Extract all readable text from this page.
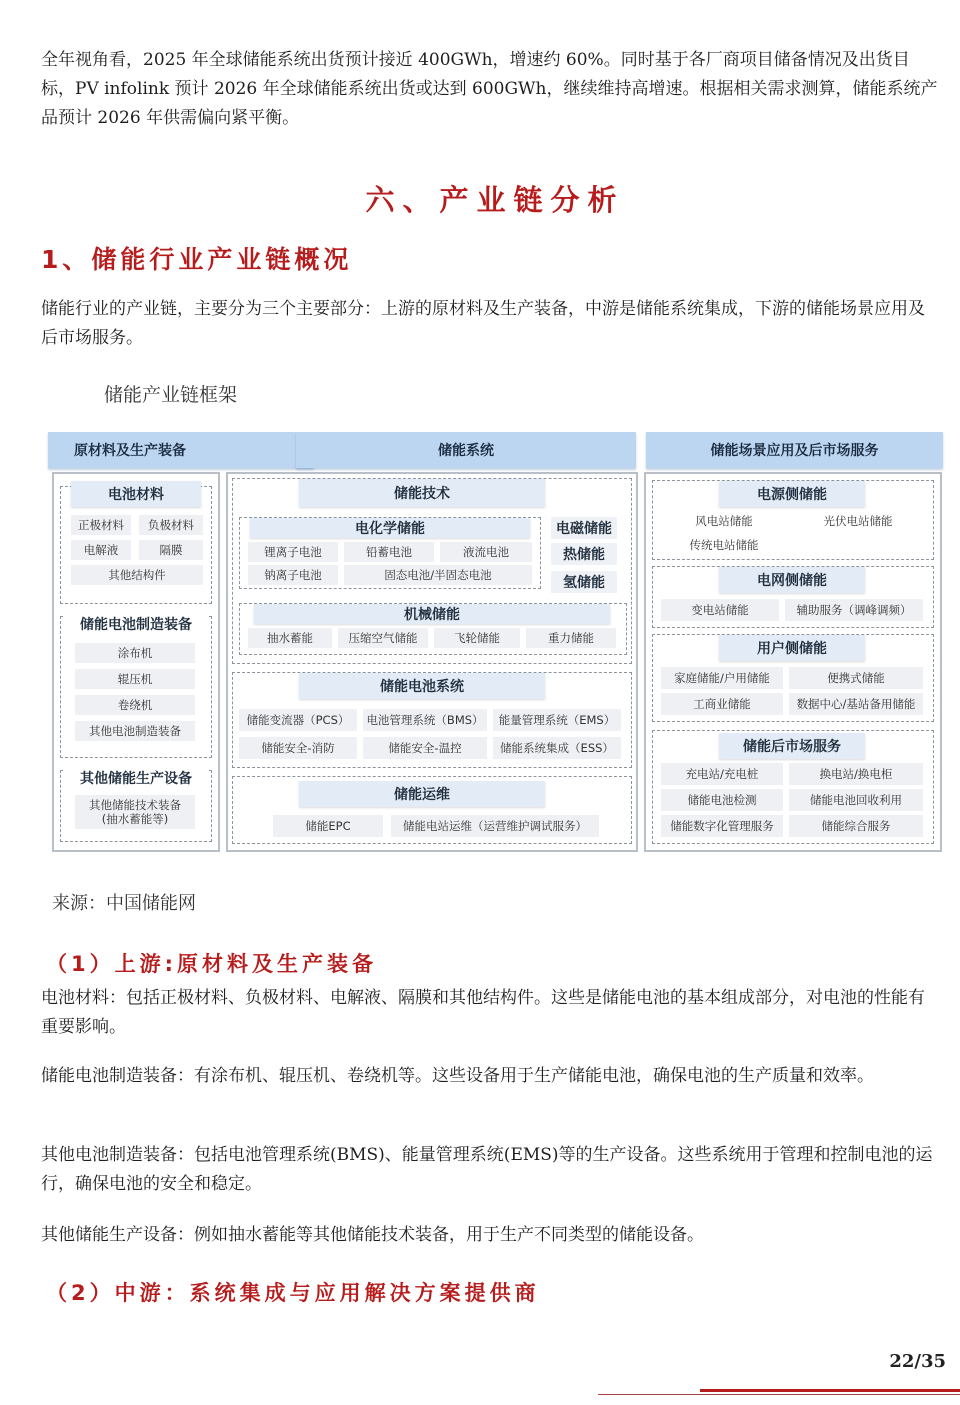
全年视角看，2025 年全球储能系统出货预计接近 400GWh，增速约 60%。同时基于各厂商项目储备情况及出货目标，PV infolink 预计 2026 年全球储能系统出货或达到 600GWh，继续维持高增速。根据相关需求测算，储能系统产品预计 2026 年供需偏向紧平衡。

六、产业链分析
1、储能行业产业链概况

储能行业的产业链，主要分为三个主要部分：上游的原材料及生产装备，中游是储能系统集成，下游的储能场景应用及后市场服务。

储能产业链框架

原材料及生产装备	储能系统	储能场景应用及后市场服务
电池材料
正极材料	负极材料
电解液	隔膜
其他结构件
储能电池制造装备
涂布机
辊压机
卷绕机
其他电池制造装备
其他储能生产设备
其他储能技术装备
(抽水蓄能等)
储能技术
电化学储能
锂离子电池	铅蓄电池	液流电池
钠离子电池	固态电池/半固态电池
电磁储能
热储能
氢储能
机械储能
抽水蓄能	压缩空气储能	飞轮储能	重力储能
储能电池系统
储能变流器（PCS）	电池管理系统（BMS）	能量管理系统（EMS）
储能安全-消防	储能安全-温控	储能系统集成（ESS）
储能运维
储能EPC	储能电站运维（运营维护调试服务）
电源侧储能
风电站储能	光伏电站储能
传统电站储能
电网侧储能
变电站储能	辅助服务（调峰调频）
用户侧储能
家庭储能/户用储能	便携式储能
工商业储能	数据中心/基站备用储能
储能后市场服务
充电站/充电桩	换电站/换电柜
储能电池检测	储能电池回收利用
储能数字化管理服务	储能综合服务

来源：中国储能网

（1）上游:原材料及生产装备

电池材料：包括正极材料、负极材料、电解液、隔膜和其他结构件。这些是储能电池的基本组成部分，对电池的性能有重要影响。

储能电池制造装备：有涂布机、辊压机、卷绕机等。这些设备用于生产储能电池，确保电池的生产质量和效率。

其他电池制造装备：包括电池管理系统(BMS)、能量管理系统(EMS)等的生产设备。这些系统用于管理和控制电池的运行，确保电池的安全和稳定。

其他储能生产设备：例如抽水蓄能等其他储能技术装备，用于生产不同类型的储能设备。

（2）中游：系统集成与应用解决方案提供商

22/35
